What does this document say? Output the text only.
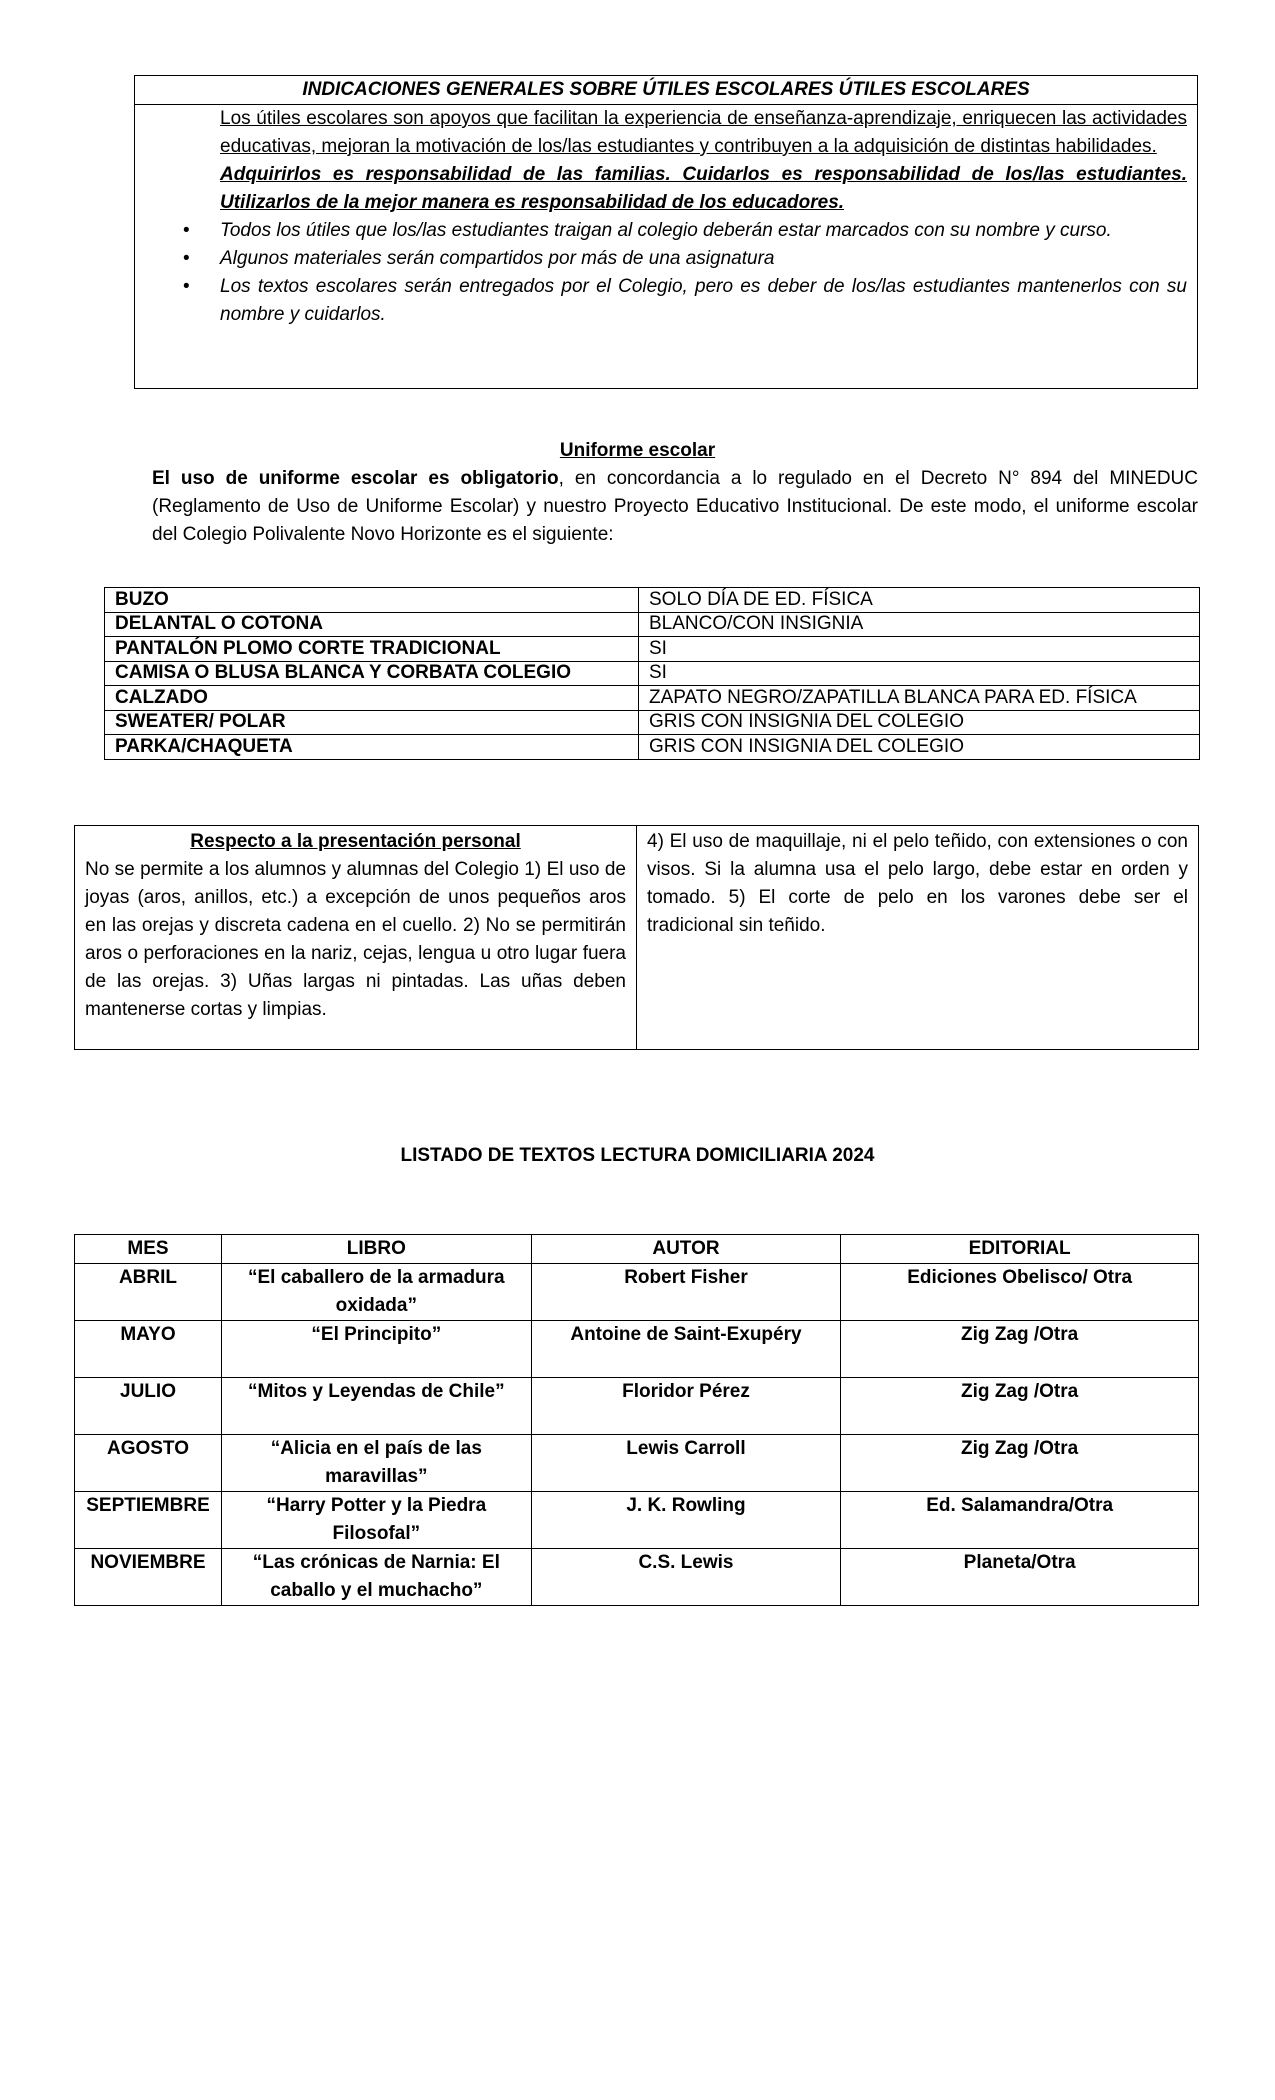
INDICACIONES GENERALES SOBRE ÚTILES ESCOLARES ÚTILES ESCOLARES

Los útiles escolares son apoyos que facilitan la experiencia de enseñanza-aprendizaje, enriquecen las actividades educativas, mejoran la motivación de los/las estudiantes y contribuyen a la adquisición de distintas habilidades.

Adquirirlos es responsabilidad de las familias. Cuidarlos es responsabilidad de los/las estudiantes. Utilizarlos de la mejor manera es responsabilidad de los educadores.

• Todos los útiles que los/las estudiantes traigan al colegio deberán estar marcados con su nombre y curso.
• Algunos materiales serán compartidos por más de una asignatura
• Los textos escolares serán entregados por el Colegio, pero es deber de los/las estudiantes mantenerlos con su nombre y cuidarlos.
Uniforme escolar

El uso de uniforme escolar es obligatorio, en concordancia a lo regulado en el Decreto N° 894 del MINEDUC (Reglamento de Uso de Uniforme Escolar) y nuestro Proyecto Educativo Institucional. De este modo, el uniforme escolar del Colegio Polivalente Novo Horizonte es el siguiente:

BUZO	SOLO DÍA DE ED. FÍSICA
DELANTAL O COTONA	BLANCO/CON INSIGNIA
PANTALÓN PLOMO CORTE TRADICIONAL	SI
CAMISA O BLUSA BLANCA Y CORBATA COLEGIO	SI
CALZADO	ZAPATO NEGRO/ZAPATILLA BLANCA PARA ED. FÍSICA
SWEATER/ POLAR	GRIS CON INSIGNIA DEL COLEGIO
PARKA/CHAQUETA	GRIS CON INSIGNIA DEL COLEGIO
Respecto a la presentación personal

No se permite a los alumnos y alumnas del Colegio 1) El uso de joyas (aros, anillos, etc.) a excepción de unos pequeños aros en las orejas y discreta cadena en el cuello. 2) No se permitirán aros o perforaciones en la nariz, cejas, lengua u otro lugar fuera de las orejas. 3) Uñas largas ni pintadas. Las uñas deben mantenerse cortas y limpias.

4) El uso de maquillaje, ni el pelo teñido, con extensiones o con visos. Si la alumna usa el pelo largo, debe estar en orden y tomado. 5) El corte de pelo en los varones debe ser el tradicional sin teñido.

LISTADO DE TEXTOS LECTURA DOMICILIARIA 2024
MES	LIBRO	AUTOR	EDITORIAL
ABRIL	“El caballero de la armadura oxidada”	Robert Fisher	Ediciones Obelisco/ Otra
MAYO	“El Principito”	Antoine de Saint-Exupéry	Zig Zag /Otra
JULIO	“Mitos y Leyendas de Chile”	Floridor Pérez	Zig Zag /Otra
AGOSTO	“Alicia en el país de las maravillas”	Lewis Carroll	Zig Zag /Otra
SEPTIEMBRE	“Harry Potter y la Piedra Filosofal”	J. K. Rowling	Ed. Salamandra/Otra
NOVIEMBRE	“Las crónicas de Narnia: El caballo y el muchacho”	C.S. Lewis	Planeta/Otra
